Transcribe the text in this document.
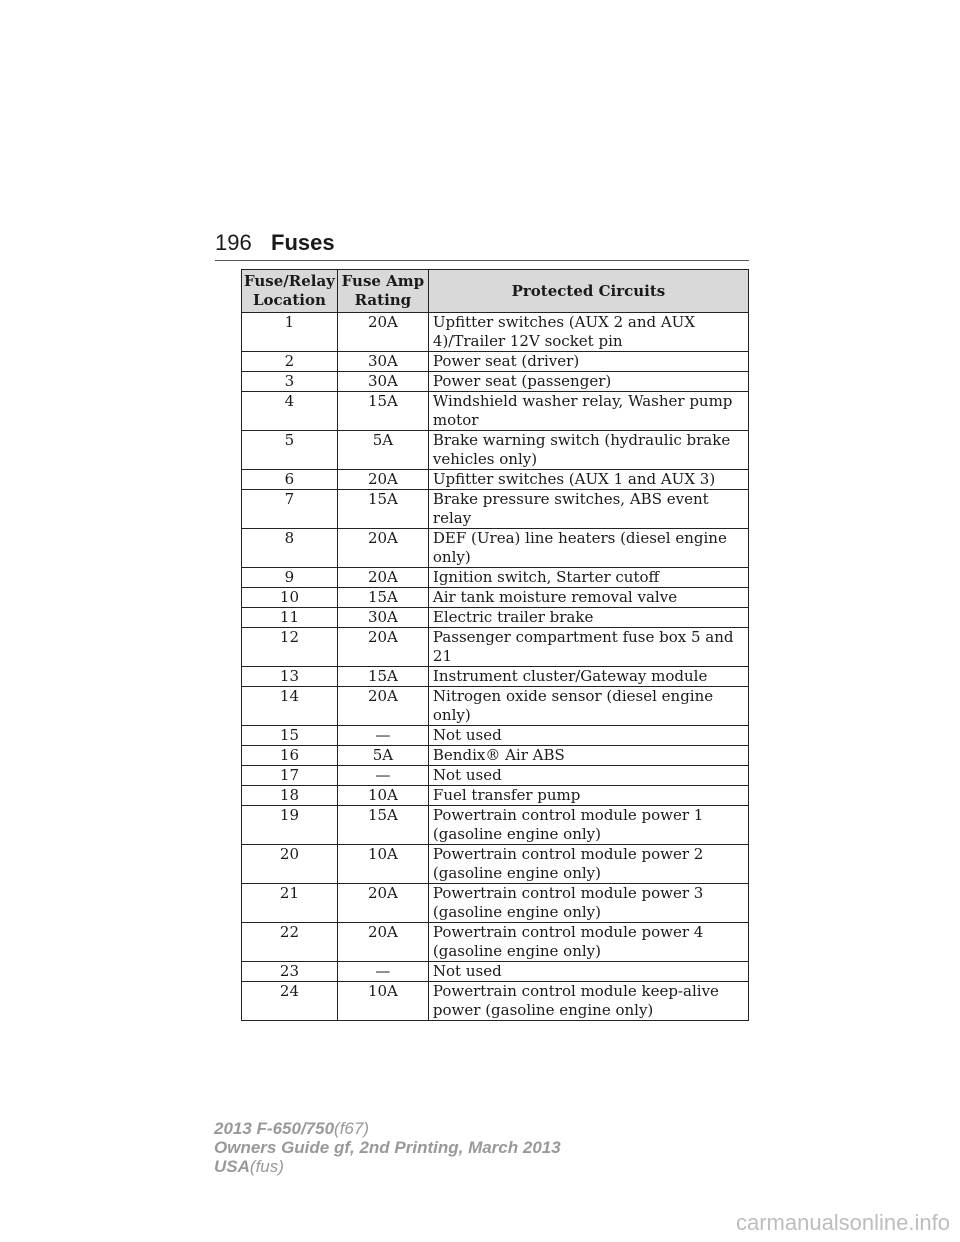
196 Fuses
Fuse/Relay Location	Fuse Amp Rating	Protected Circuits
1	20A	Upfitter switches (AUX 2 and AUX 4)/Trailer 12V socket pin
2	30A	Power seat (driver)
3	30A	Power seat (passenger)
4	15A	Windshield washer relay, Washer pump motor
5	5A	Brake warning switch (hydraulic brake vehicles only)
6	20A	Upfitter switches (AUX 1 and AUX 3)
7	15A	Brake pressure switches, ABS event relay
8	20A	DEF (Urea) line heaters (diesel engine only)
9	20A	Ignition switch, Starter cutoff
10	15A	Air tank moisture removal valve
11	30A	Electric trailer brake
12	20A	Passenger compartment fuse box 5 and 21
13	15A	Instrument cluster/Gateway module
14	20A	Nitrogen oxide sensor (diesel engine only)
15	—	Not used
16	5A	Bendix® Air ABS
17	—	Not used
18	10A	Fuel transfer pump
19	15A	Powertrain control module power 1 (gasoline engine only)
20	10A	Powertrain control module power 2 (gasoline engine only)
21	20A	Powertrain control module power 3 (gasoline engine only)
22	20A	Powertrain control module power 4 (gasoline engine only)
23	—	Not used
24	10A	Powertrain control module keep-alive power (gasoline engine only)
2013 F-650/750(f67)
Owners Guide gf, 2nd Printing, March 2013
USA(fus)
carmanualsonline.info
